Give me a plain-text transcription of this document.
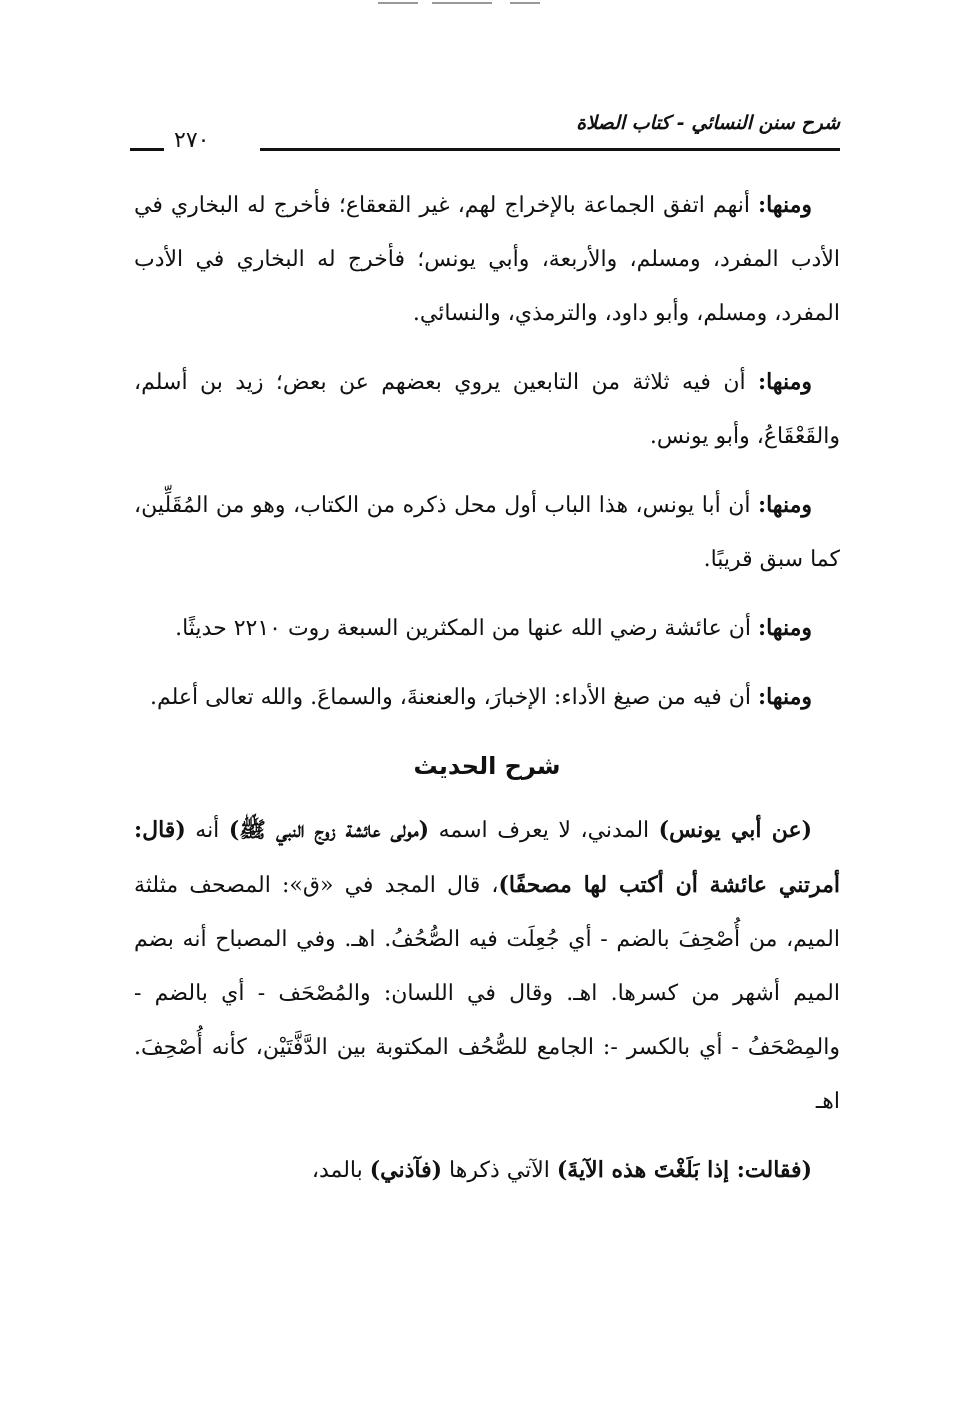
شرح سنن النسائي - كتاب الصلاة
٢٧٠

ومنها: أنهم اتفق الجماعة بالإخراج لهم، غير القعقاع؛ فأخرج له البخاري في الأدب المفرد، ومسلم، والأربعة، وأبي يونس؛ فأخرج له البخاري في الأدب المفرد، ومسلم، وأبو داود، والترمذي، والنسائي.

ومنها: أن فيه ثلاثة من التابعين يروي بعضهم عن بعض؛ زيد بن أسلم، والقَعْقَاعُ، وأبو يونس.

ومنها: أن أبا يونس، هذا الباب أول محل ذكره من الكتاب، وهو من المُقَلِّين، كما سبق قريبًا.

ومنها: أن عائشة رضي الله عنها من المكثرين السبعة روت ٢٢١٠ حديثًا.

ومنها: أن فيه من صيغ الأداء: الإخبارَ، والعنعنةَ، والسماعَ. والله تعالى أعلم.

شرح الحديث

(عن أبي يونس) المدني، لا يعرف اسمه (مولى عائشة زوج النبي ﷺ) أنه (قال: أمرتني عائشة أن أكتب لها مصحفًا)، قال المجد في «ق»: المصحف مثلثة الميم، من أُصْحِفَ بالضم - أي جُعِلَت فيه الصُّحُفُ. اهـ. وفي المصباح أنه بضم الميم أشهر من كسرها. اهـ. وقال في اللسان: والمُصْحَف - أي بالضم - والمِصْحَفُ - أي بالكسر -: الجامع للصُّحُف المكتوبة بين الدَّفَّتَيْن، كأنه أُصْحِفَ. اهـ

(فقالت: إذا بَلَغْتَ هذه الآيةَ) الآتي ذكرها (فآذني) بالمد،
